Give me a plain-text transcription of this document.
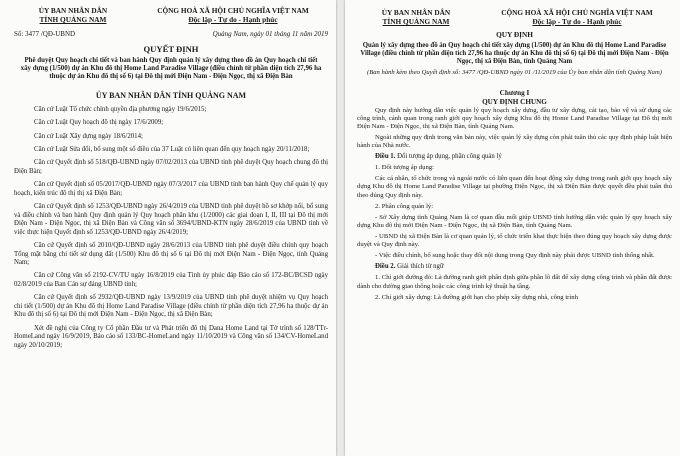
ỦY BAN NHÂN DÂN
TỈNH QUẢNG NAM
CỘNG HOÀ XÃ HỘI CHỦ NGHĨA VIỆT NAM
Độc lập - Tự do - Hạnh phúc
Số: 3477 /QĐ-UBND	Quảng Nam, ngày 01 tháng 11 năm 2019
QUYẾT ĐỊNH
Phê duyệt Quy hoạch chi tiết và ban hành Quy định quản lý xây dựng theo đồ án Quy hoạch chi tiết xây dựng (1/500) dự án Khu đô thị Home Land Paradise Village (điều chỉnh từ phần diện tích 27,96 ha thuộc dự án Khu đô thị số 6) tại Đô thị mới Điện Nam - Điện Ngọc, thị xã Điện Bàn
ỦY BAN NHÂN DÂN TỈNH QUẢNG NAM

Căn cứ Luật Tổ chức chính quyền địa phương ngày 19/6/2015;

Căn cứ Luật Quy hoạch đô thị ngày 17/6/2009;

Căn cứ Luật Xây dựng ngày 18/6/2014;

Căn cứ Luật Sửa đổi, bổ sung một số điều của 37 Luật có liên quan đến quy hoạch ngày 20/11/2018;

Căn cứ Quyết định số 518/QĐ-UBND ngày 07/02/2013 của UBND tỉnh phê duyệt Quy hoạch chung đô thị Điện Bàn;

Căn cứ Quyết định số 05/2017/QĐ-UBND ngày 07/3/2017 của UBND tỉnh ban hành Quy chế quản lý quy hoạch, kiến trúc đô thị thị xã Điện Bàn;

Căn cứ Quyết định số 1253/QĐ-UBND ngày 26/4/2019 của UBND tỉnh phê duyệt hồ sơ khớp nối, bổ sung và điều chỉnh và ban hành Quy định quản lý Quy hoạch phân khu (1/2000) các giai đoạn I, II, III tại Đô thị mới Điện Nam - Điện Ngọc, thị xã Điện Bàn và Công văn số 3694/UBND-KTN ngày 28/6/2019 của UBND tỉnh về việc thực hiện Quyết định số 1253/QĐ-UBND ngày 26/4/2019;

Căn cứ Quyết định số 2010/QĐ-UBND ngày 28/6/2013 của UBND tỉnh phê duyệt điều chỉnh quy hoạch Tổng mặt bằng chi tiết sử dụng đất (1/500) Khu đô thị số 6 tại Đô thị mới Điện Nam - Điện Ngọc, tỉnh Quảng Nam;

Căn cứ Công văn số 2192-CV/TU ngày 16/8/2019 của Tỉnh ủy phúc đáp Báo cáo số 172-BC/BCSD ngày 02/8/2019 của Ban Cán sự đảng UBND tỉnh;

Căn cứ Quyết định số 2932/QĐ-UBND ngày 13/9/2019 của UBND tỉnh phê duyệt nhiệm vụ Quy hoạch chi tiết (1/500) dự án Khu đô thị Home Land Paradise Village (điều chỉnh từ phần diện tích 27,96 ha thuộc dự án Khu đô thị số 6) tại Đô thị mới Điện Nam - Điện Ngọc, thị xã Điện Bàn;

Xét đề nghị của Công ty Cổ phần Đầu tư và Phát triển đô thị Dana Home Land tại Tờ trình số 128/TTr-HomeLand ngày 16/9/2019, Báo cáo số 133/BC-HomeLand ngày 11/10/2019 và Công văn số 134/CV-HomeLand ngày 20/10/2019;

ỦY BAN NHÂN DÂN
TỈNH QUẢNG NAM
CỘNG HOÀ XÃ HỘI CHỦ NGHĨA VIỆT NAM
Độc lập - Tự do - Hạnh phúc
QUY ĐỊNH
Quản lý xây dựng theo đồ án Quy hoạch chi tiết xây dựng (1/500) dự án Khu đô thị Home Land Paradise Village (điều chỉnh từ phần diện tích 27,96 ha thuộc dự án Khu đô thị số 6) tại Đô thị mới Điện Nam - Điện Ngọc, thị xã Điện Bàn, tỉnh Quảng Nam
(Ban hành kèm theo Quyết định số: 3477 /QĐ-UBND ngày 01 /11/2019 của Ủy ban nhân dân tỉnh Quảng Nam)
Chương I
QUY ĐỊNH CHUNG

Quy định này hướng dẫn việc quản lý quy hoạch xây dựng, đầu tư xây dựng, cải tạo, bảo vệ và sử dụng các công trình, cảnh quan trong ranh giới quy hoạch xây dựng Khu đô thị Home Land Paradise Village tại Đô thị mới Điện Nam - Điện Ngọc, thị xã Điện Bàn, tỉnh Quảng Nam.

Ngoài những quy định trong văn bản này, việc quản lý xây dựng còn phải tuân thủ các quy định pháp luật hiện hành của Nhà nước.

Điều 1. Đối tượng áp dụng, phân công quản lý

1. Đối tượng áp dụng:

Các cá nhân, tổ chức trong và ngoài nước có liên quan đến hoạt động xây dựng trong ranh giới quy hoạch xây dựng Khu đô thị Home Land Paradise Village tại phường Điện Ngọc, thị xã Điện Bàn được quyết đều phải tuân thủ theo đúng Quy định này.

2. Phân công quản lý:

- Sở Xây dựng tỉnh Quảng Nam là cơ quan đầu mối giúp UBND tỉnh hướng dẫn việc quản lý quy hoạch xây dựng Khu đô thị mới Điện Nam - Điện Ngọc, thị xã Điện Bàn, tỉnh Quảng Nam.

- UBND thị xã Điện Bàn là cơ quan quản lý, tổ chức triển khai thực hiện theo đúng quy hoạch xây dựng được duyệt và Quy định này.

- Việc điều chỉnh, bổ sung hoặc thay đổi nội dung trong Quy định này phải được UBND tỉnh thống nhất.

Điều 2. Giải thích từ ngữ

1. Chỉ giới đường đỏ: Là đường ranh giới phân định giữa phần lô đất để xây dựng công trình và phần đất được dành cho đường giao thông hoặc các công trình kỹ thuật hạ tầng.

2. Chỉ giới xây dựng: Là đường giới hạn cho phép xây dựng nhà, công trình
